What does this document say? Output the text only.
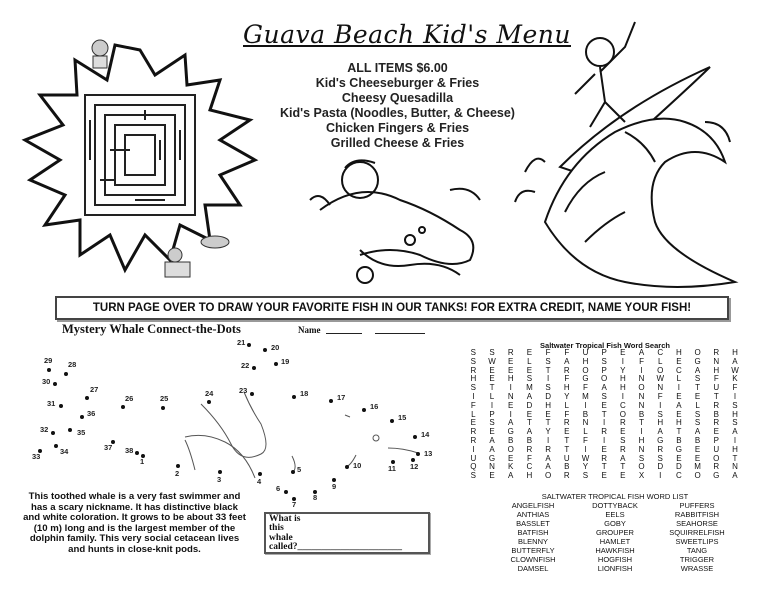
Guava Beach Kid's Menu
ALL ITEMS $6.00
Kid's Cheeseburger & Fries
Cheesy Quesadilla
Kid's Pasta (Noodles, Butter, & Cheese)
Chicken Fingers & Fries
Grilled Cheese & Fries
TURN PAGE OVER TO DRAW YOUR FAVORITE FISH IN OUR TANKS! FOR EXTRA CREDIT, NAME YOUR FISH!
Mystery Whale Connect-the-Dots	Name
1
2
3	4
5
6
7
8
9
10	11 12
13
14
15
16
17
18
19
20
21
22
23
24
25
26
27
28
29
30
31
32
33
34
35
36
37 38
This toothed whale is a very fast swimmer and has a scary nickname. It has distinctive black and white coloration. It grows to be about 33 feet (10 m) long and is the largest member of the dolphin family. This very social cetacean lives and hunts in close-knit pods.
What is
this
whale
called?______________________
Saltwater Tropical Fish Word Search
S	S	R	E	F	F	U	P	E	A	C	H	O	R	H
S	W	E	L	S	A	H	S	I	F	L	E	G	N	A
R	E	E	E	T	R	O	P	Y	I	O	C	A	H	W
H	E	H	S	I	F	G	O	H	N	W	L	S	F	K
S	T	I	M	S	H	F	A	H	O	N	I	T	U	F
I	L	N	A	D	Y	M	S	I	N	F	E	E	T	I
F	I	E	D	H	L	I	E	C	N	I	A	L	R	S
L	P	I	E	E	F	B	T	O	B	S	E	S	B	H
E	S	A	T	T	R	N	I	R	T	H	H	S	R	S
R	E	G	A	Y	E	L	R	E	I	A	T	A	E	A
R	A	B	B	I	T	F	I	S	H	G	B	B	P	I
I	A	O	R	R	T	I	E	R	N	R	G	E	U	H
U	G	E	F	A	U	W	R	A	S	S	E	E	O	T
Q	N	K	C	A	B	Y	T	T	O	D	D	M	R	N
S	E	A	H	O	R	S	E	E	X	I	C	O	G	A
SALTWATER TROPICAL FISH WORD LIST
ANGELFISH	DOTTYBACK	PUFFERS
ANTHIAS	EELS	RABBITFISH
BASSLET	GOBY	SEAHORSE
BATFISH	GROUPER	SQUIRRELFISH
BLENNY	HAMLET	SWEETLIPS
BUTTERFLY	HAWKFISH	TANG
CLOWNFISH	HOGFISH	TRIGGER
DAMSEL	LIONFISH	WRASSE
